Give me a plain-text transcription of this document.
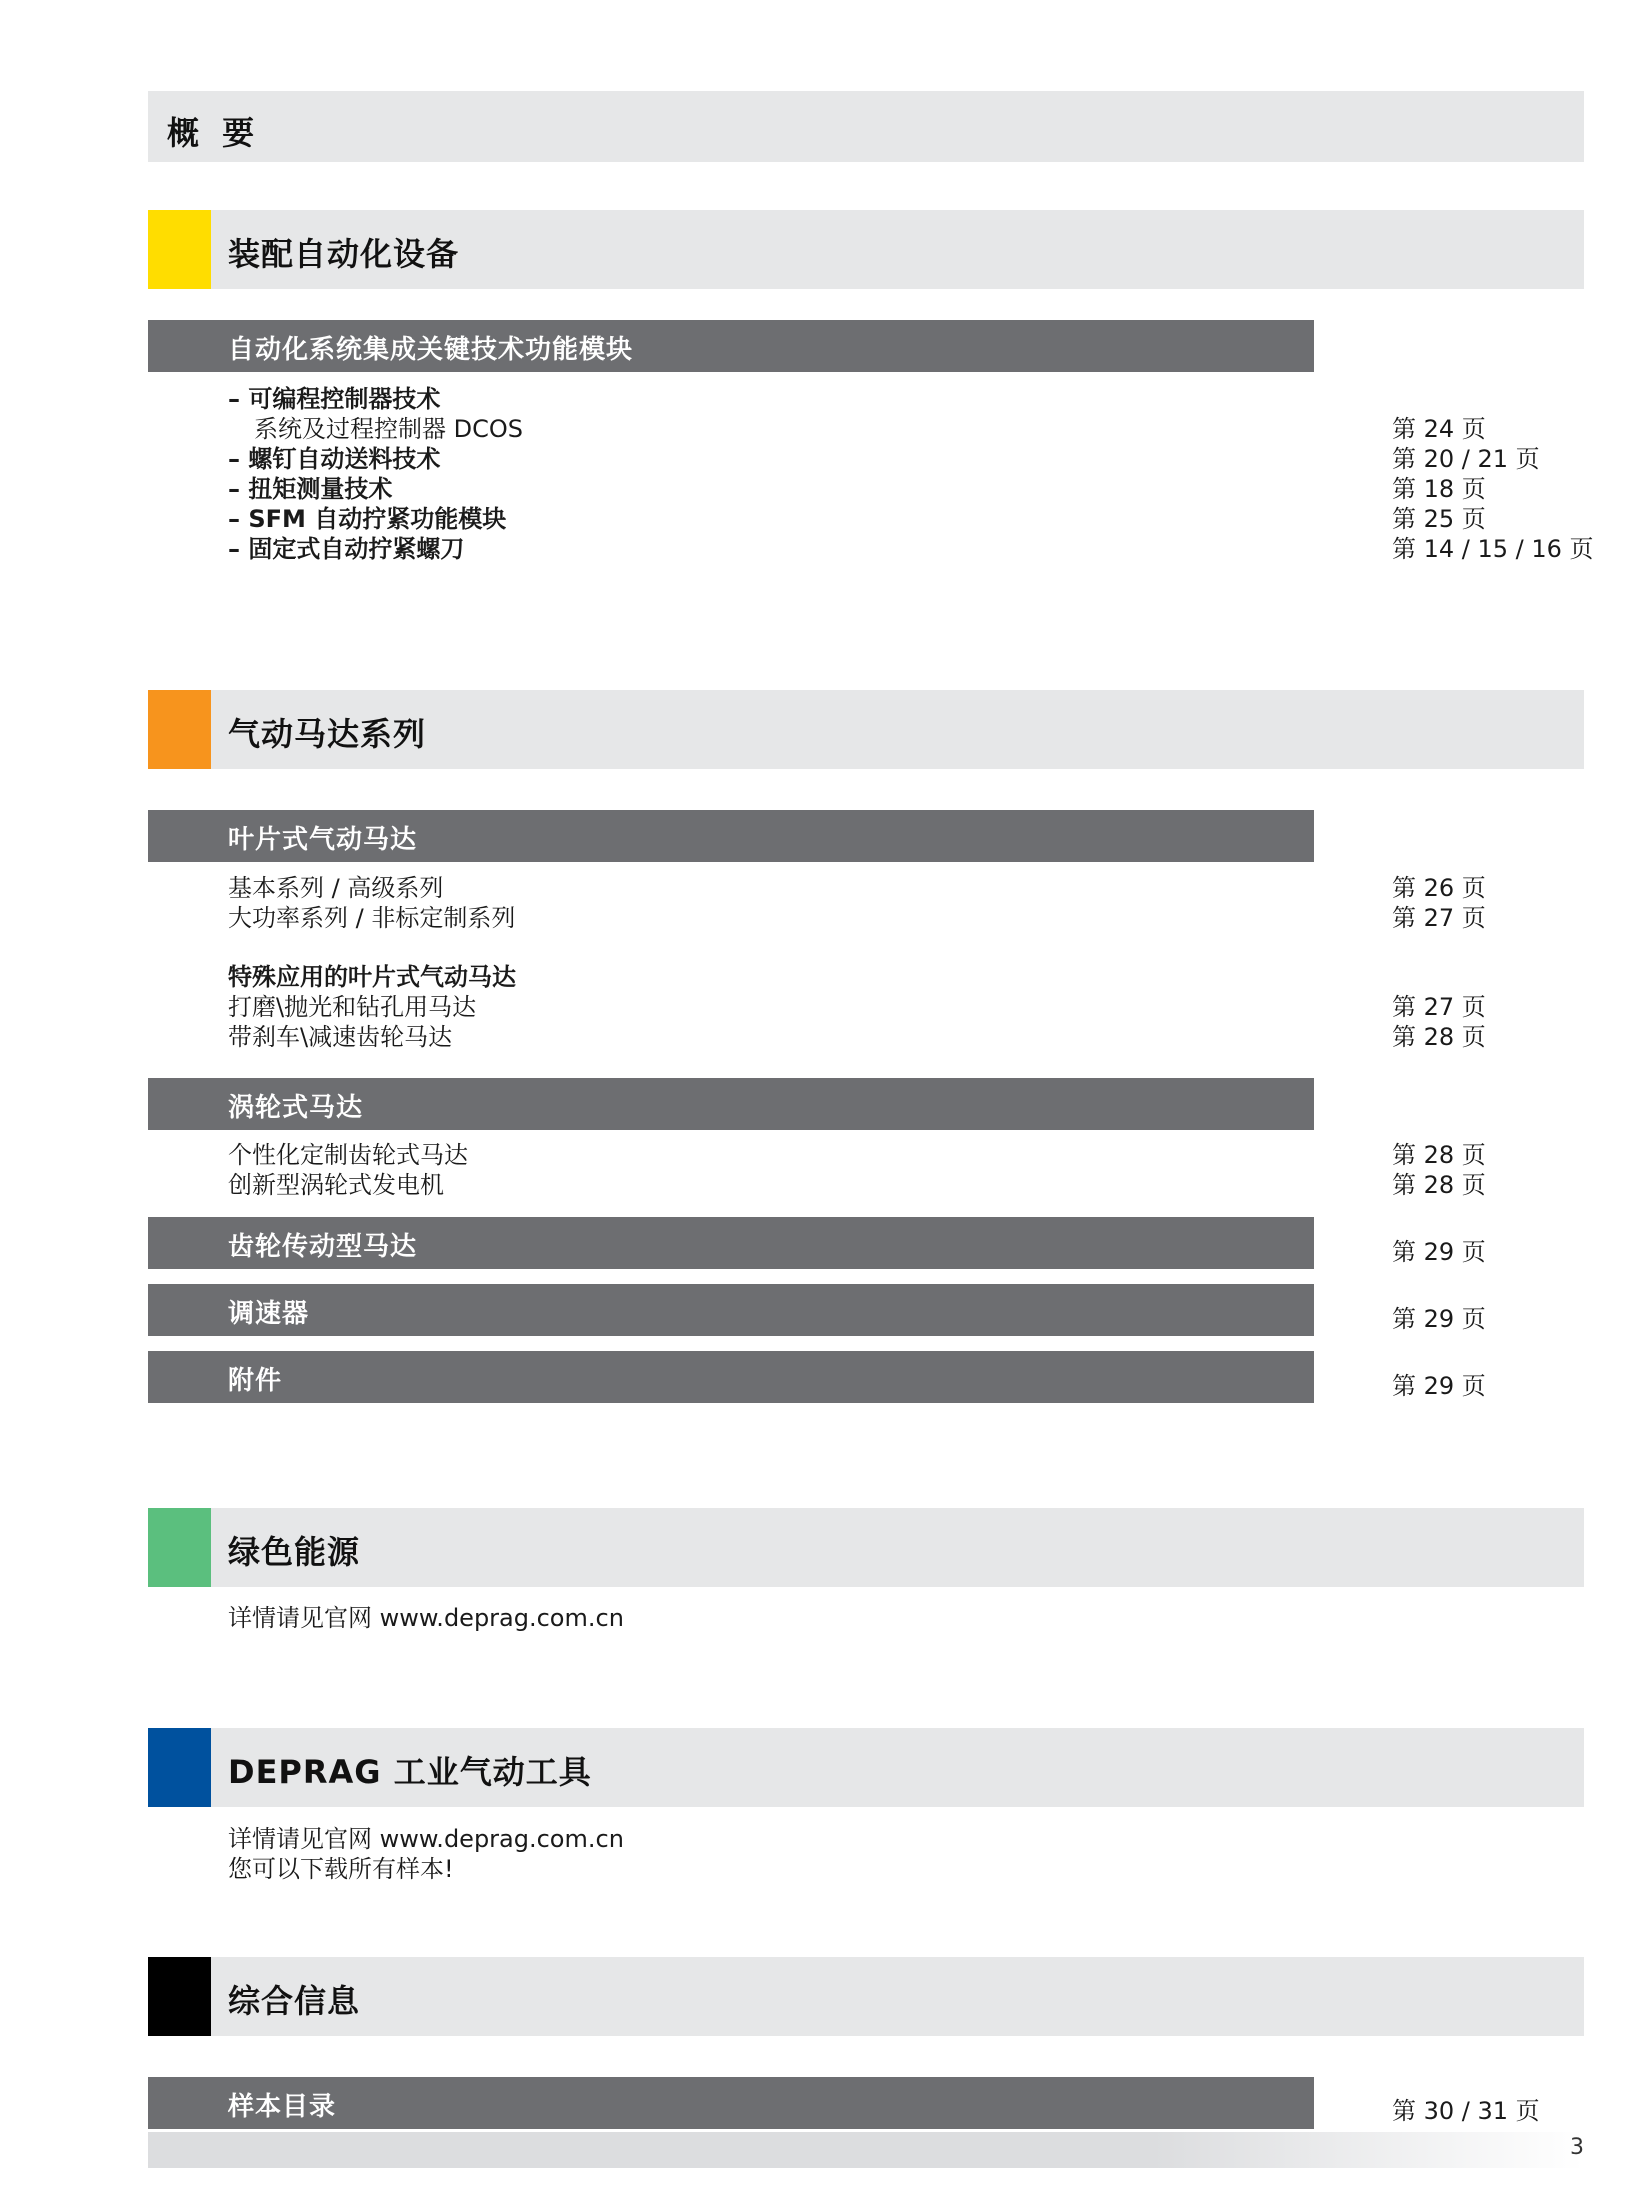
概 要
装配自动化设备
自动化系统集成关键技术功能模块
– 可编程控制器技术
系统及过程控制器 DCOS	第 24 页
– 螺钉自动送料技术	第 20 / 21 页
– 扭矩测量技术	第 18 页
– SFM 自动拧紧功能模块	第 25 页
– 固定式自动拧紧螺刀	第 14 / 15 / 16 页
气动马达系列
叶片式气动马达
基本系列 / 高级系列	第 26 页
大功率系列 / 非标定制系列	第 27 页
特殊应用的叶片式气动马达
打磨\抛光和钻孔用马达	第 27 页
带刹车\减速齿轮马达	第 28 页
涡轮式马达
个性化定制齿轮式马达	第 28 页
创新型涡轮式发电机	第 28 页
齿轮传动型马达	第 29 页
调速器	第 29 页
附件	第 29 页
绿色能源
详情请见官网 www.deprag.com.cn
DEPRAG 工业气动工具
详情请见官网 www.deprag.com.cn
您可以下载所有样本!
综合信息
样本目录	第 30 / 31 页
3
